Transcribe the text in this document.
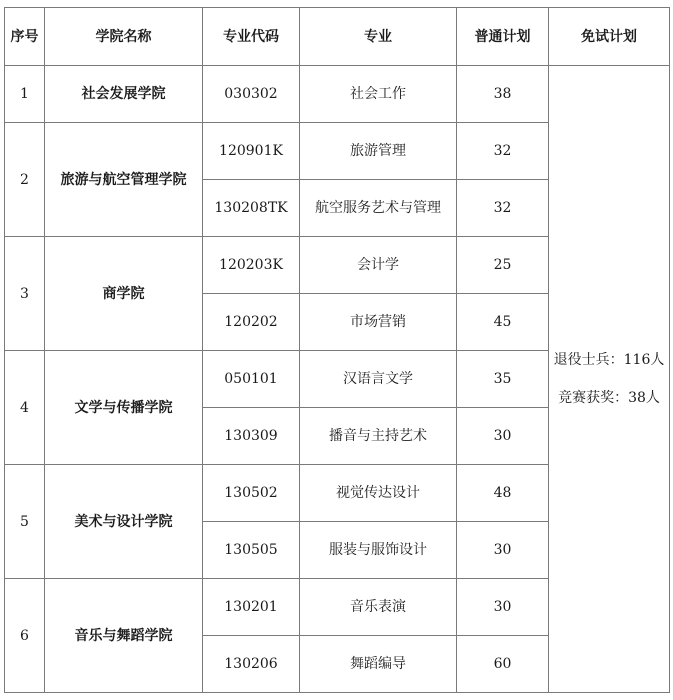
序号	学院名称	专业代码	专业	普通计划	免试计划
1	社会发展学院	030302	社会工作	38	退役士兵：116人
竞赛获奖：38人

2	旅游与航空管理学院	120901K	旅游管理	32	
		130208TK	航空服务艺术与管理	32	
3	商学院	120203K	会计学	25	
		120202	市场营销	45	
4	文学与传播学院	050101	汉语言文学	35	
		130309	播音与主持艺术	30	
5	美术与设计学院	130502	视觉传达设计	48	
		130505	服装与服饰设计	30	
6	音乐与舞蹈学院	130201	音乐表演	30	
		130206	舞蹈编导	60	
